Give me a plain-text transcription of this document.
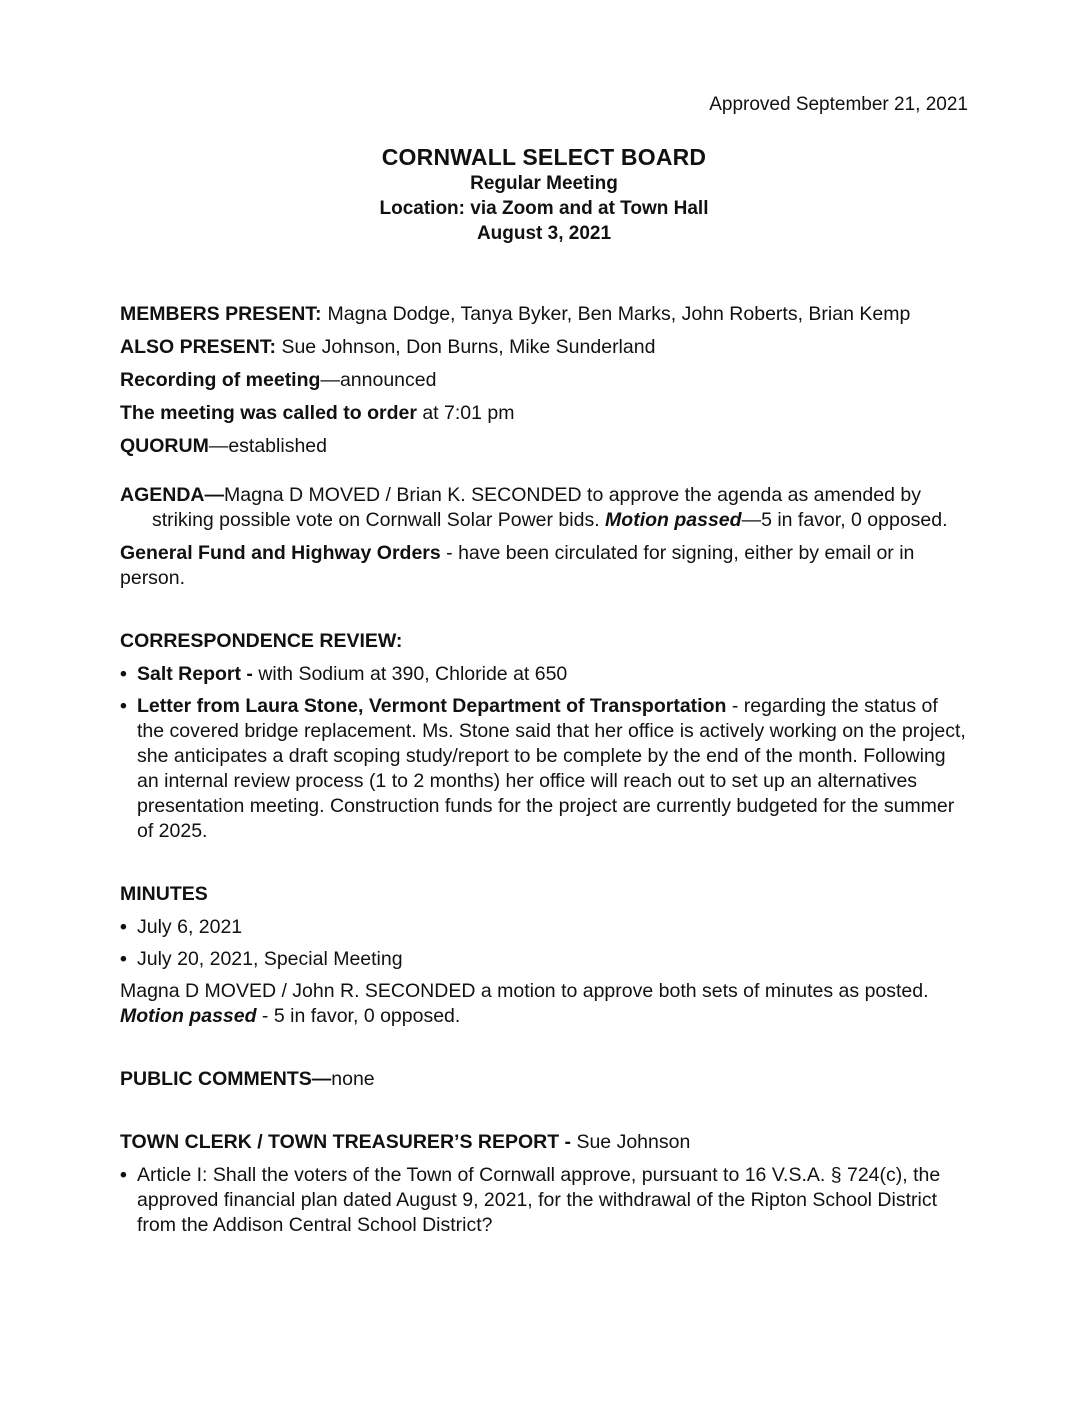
Approved September 21, 2021
CORNWALL SELECT BOARD
Regular Meeting
Location: via Zoom and at Town Hall
August 3, 2021
MEMBERS PRESENT: Magna Dodge, Tanya Byker, Ben Marks, John Roberts, Brian Kemp
ALSO PRESENT: Sue Johnson, Don Burns, Mike Sunderland
Recording of meeting—announced
The meeting was called to order at 7:01 pm
QUORUM—established
AGENDA—Magna D MOVED / Brian K. SECONDED to approve the agenda as amended by striking possible vote on Cornwall Solar Power bids. Motion passed—5 in favor, 0 opposed.
General Fund and Highway Orders - have been circulated for signing, either by email or in person.
CORRESPONDENCE REVIEW:
• Salt Report - with Sodium at 390, Chloride at 650
• Letter from Laura Stone, Vermont Department of Transportation - regarding the status of the covered bridge replacement. Ms. Stone said that her office is actively working on the project, she anticipates a draft scoping study/report to be complete by the end of the month. Following an internal review process (1 to 2 months) her office will reach out to set up an alternatives presentation meeting. Construction funds for the project are currently budgeted for the summer of 2025.
MINUTES
• July 6, 2021
• July 20, 2021, Special Meeting
Magna D MOVED / John R. SECONDED a motion to approve both sets of minutes as posted. Motion passed - 5 in favor, 0 opposed.
PUBLIC COMMENTS—none
TOWN CLERK / TOWN TREASURER’S REPORT - Sue Johnson
• Article I: Shall the voters of the Town of Cornwall approve, pursuant to 16 V.S.A. § 724(c), the approved financial plan dated August 9, 2021, for the withdrawal of the Ripton School District from the Addison Central School District?
